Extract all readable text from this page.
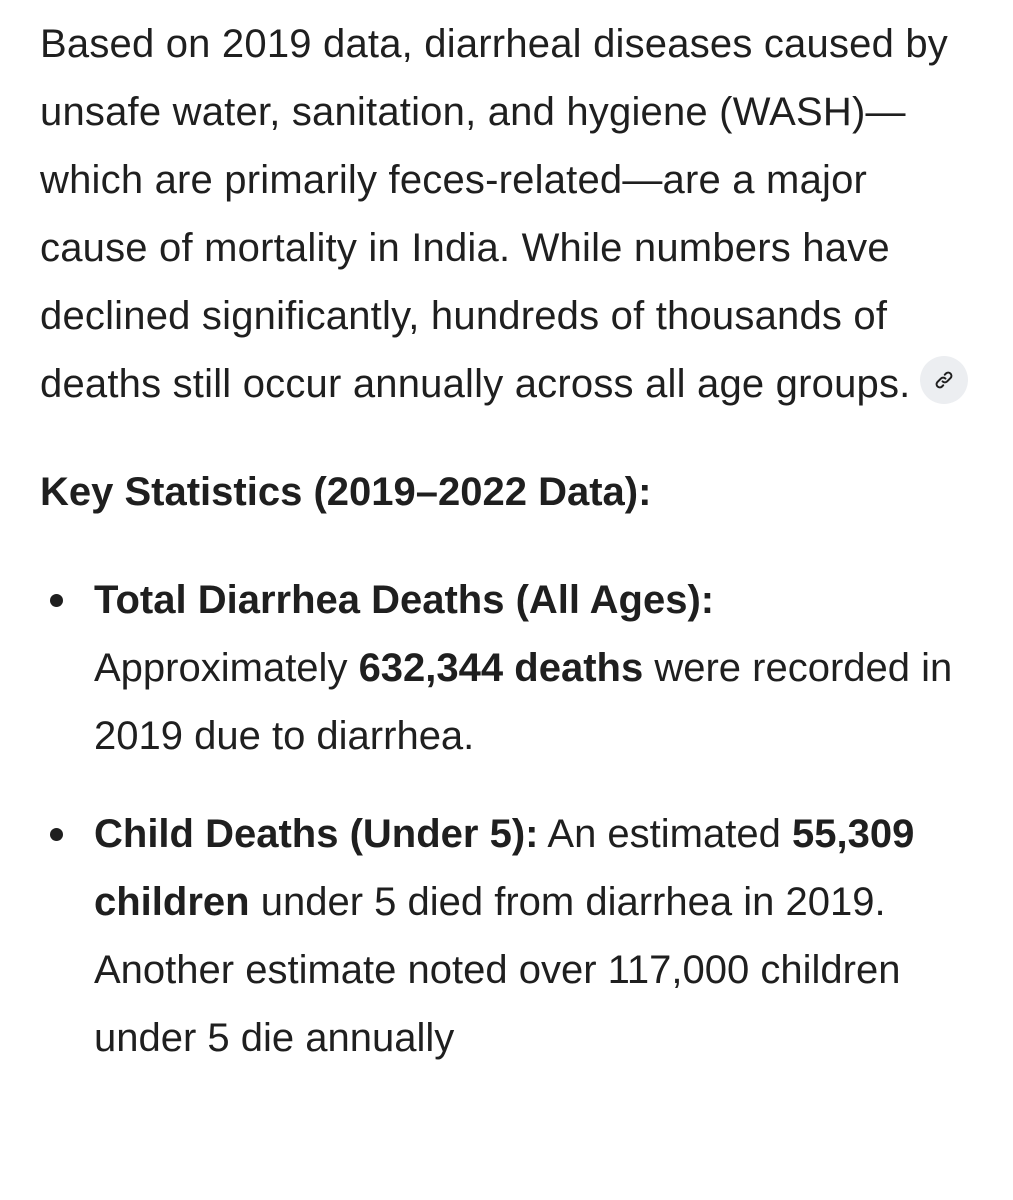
Based on 2019 data, diarrheal diseases caused by unsafe water, sanitation, and hygiene (WASH)—which are primarily feces-related—are a major cause of mortality in India. While numbers have declined significantly, hundreds of thousands of deaths still occur annually across all age groups.

Key Statistics (2019–2022 Data):
Total Diarrhea Deaths (All Ages):
Approximately 632,344 deaths were recorded in 2019 due to diarrhea.
Child Deaths (Under 5): An estimated 55,309 children under 5 died from diarrhea in 2019. Another estimate noted over 117,000 children under 5 die annually
